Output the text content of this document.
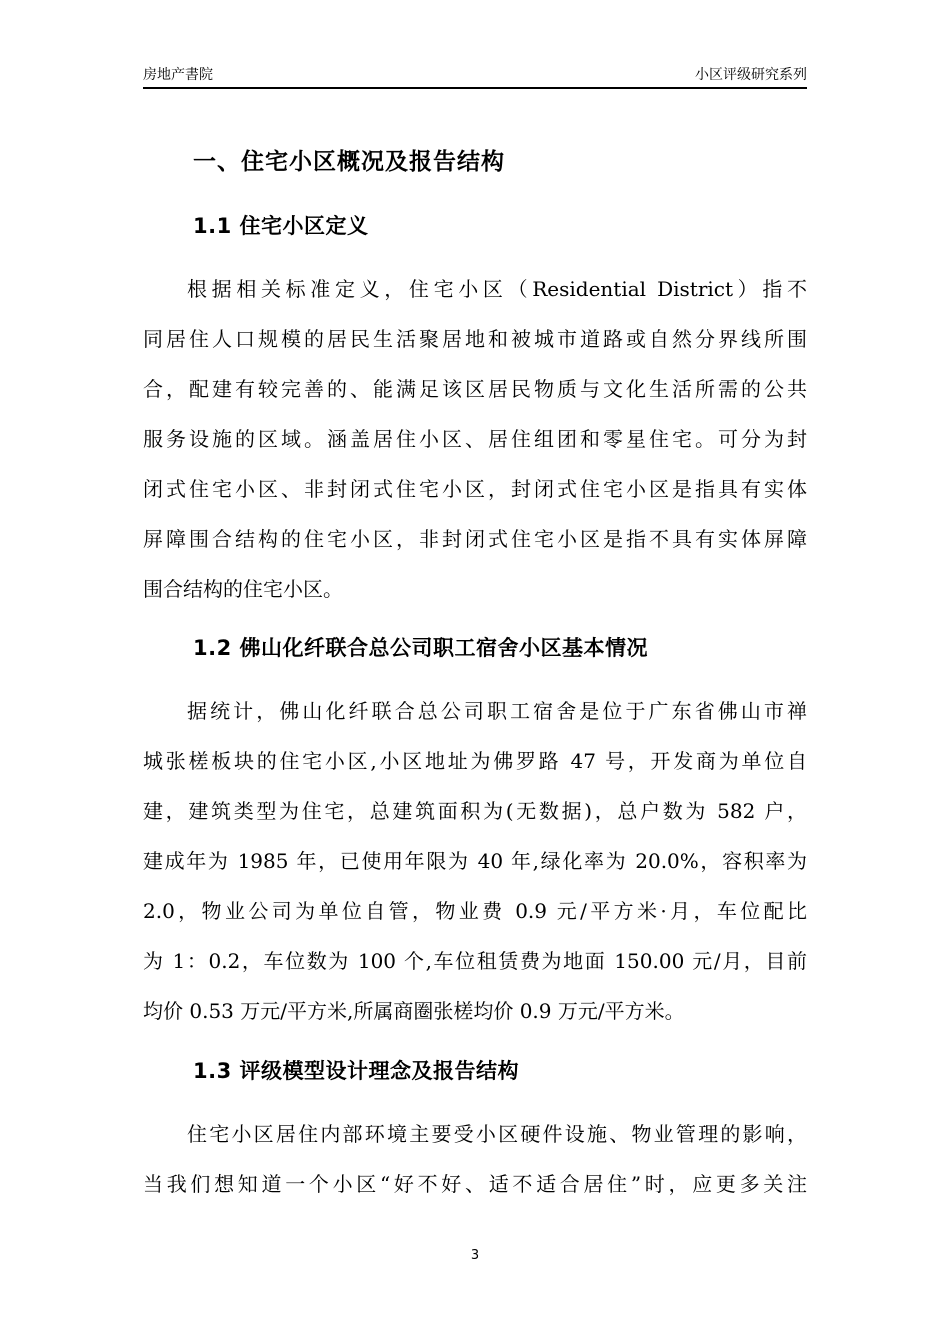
房地产書院	小区评级研究系列
一、住宅小区概况及报告结构
1.1 住宅小区定义
根据相关标准定义，住宅小区（Residential District）指不
同居住人口规模的居民生活聚居地和被城市道路或自然分界线所围
合，配建有较完善的、能满足该区居民物质与文化生活所需的公共
服务设施的区域。涵盖居住小区、居住组团和零星住宅。可分为封
闭式住宅小区、非封闭式住宅小区，封闭式住宅小区是指具有实体
屏障围合结构的住宅小区，非封闭式住宅小区是指不具有实体屏障
围合结构的住宅小区。
1.2 佛山化纤联合总公司职工宿舍小区基本情况
据统计，佛山化纤联合总公司职工宿舍是位于广东省佛山市禅
城张槎板块的住宅小区,小区地址为佛罗路 47 号，开发商为单位自
建，建筑类型为住宅，总建筑面积为(无数据)，总户数为 582 户，
建成年为 1985 年，已使用年限为 40 年,绿化率为 20.0%，容积率为
2.0，物业公司为单位自管，物业费 0.9 元/平方米·月，车位配比
为 1：0.2，车位数为 100 个,车位租赁费为地面 150.00 元/月，目前
均价 0.53 万元/平方米,所属商圈张槎均价 0.9 万元/平方米。
1.3 评级模型设计理念及报告结构
住宅小区居住内部环境主要受小区硬件设施、物业管理的影响，
当我们想知道一个小区“好不好、适不适合居住”时，应更多关注
3
